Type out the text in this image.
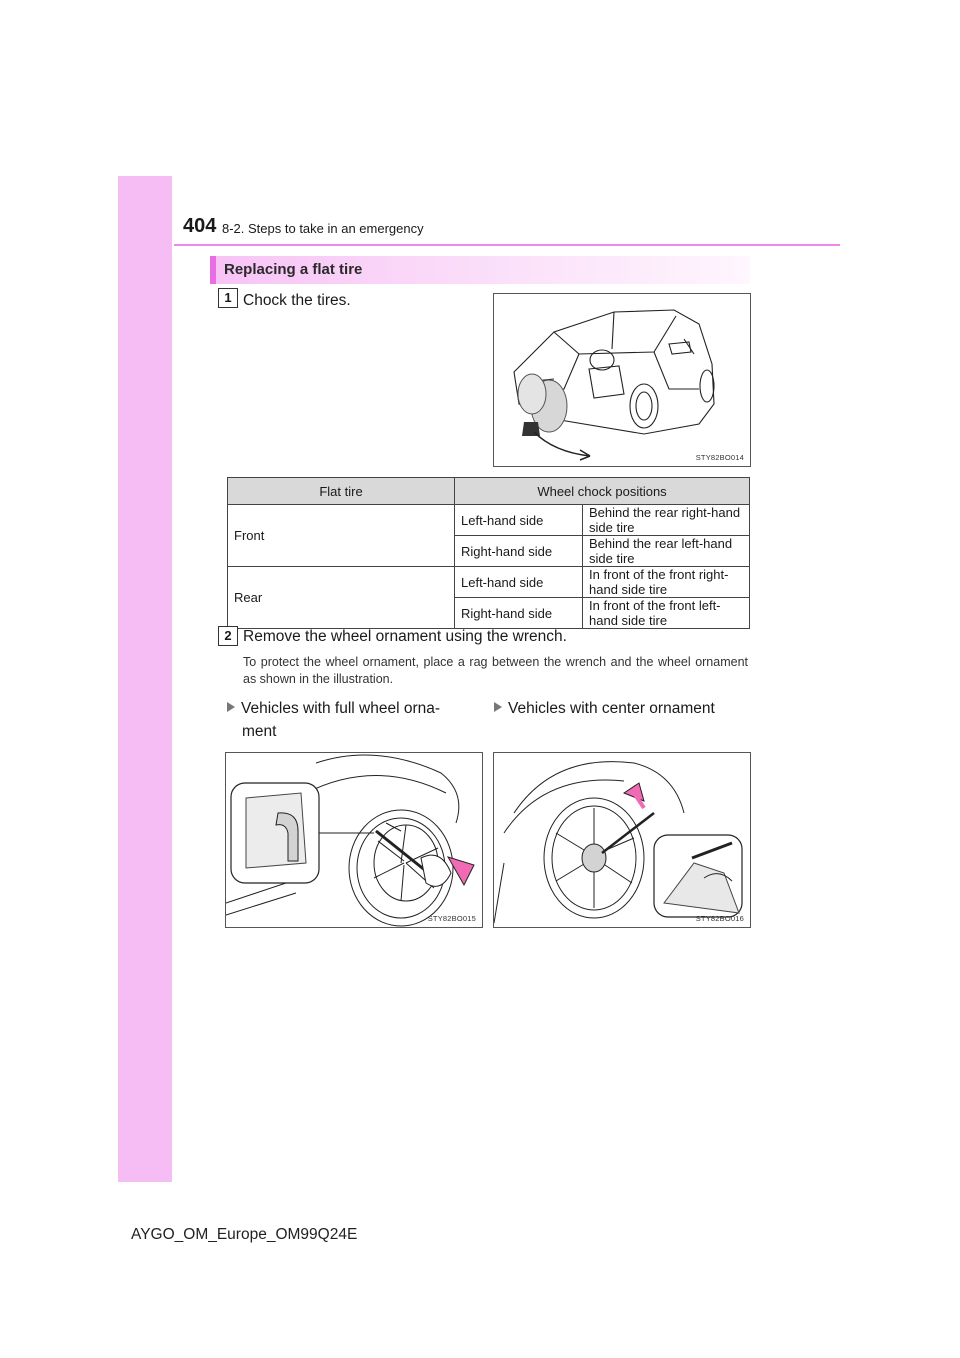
404 8-2. Steps to take in an emergency
Replacing a flat tire
1 Chock the tires.
STY82BO014
Flat tire	Wheel chock positions	
Front	Left-hand side	Behind the rear right-hand side tire
	Right-hand side	Behind the rear left-hand side tire
Rear	Left-hand side	In front of the front right-hand side tire
	Right-hand side	In front of the front left-hand side tire
2 Remove the wheel ornament using the wrench.
To protect the wheel ornament, place a rag between the wrench and the wheel ornament as shown in the illustration.
Vehicles with full wheel orna-
ment
Vehicles with center ornament
STY82BO015	STY82BO016
AYGO_OM_Europe_OM99Q24E
